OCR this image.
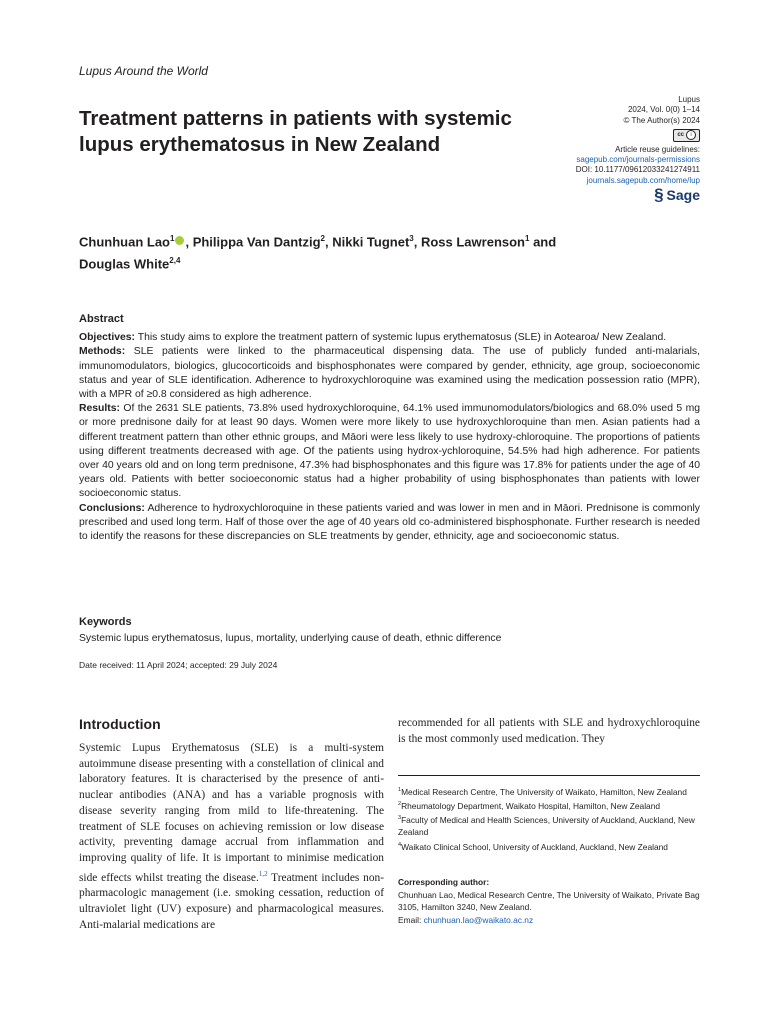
Lupus Around the World
Treatment patterns in patients with systemic lupus erythematosus in New Zealand
Lupus
2024, Vol. 0(0) 1–14
© The Author(s) 2024
cc	i
Article reuse guidelines:
sagepub.com/journals-permissions
DOI: 10.1177/09612033241274911
journals.sagepub.com/home/lup
§ Sage
Chunhuan Lao$^1$ , Philippa Van Dantzig$^2$, Nikki Tugnet$^3$, Ross Lawrenson$^1$ and
Douglas White$^{2,4}$
Abstract

Objectives: This study aims to explore the treatment pattern of systemic lupus erythematosus (SLE) in Aotearoa/ New Zealand.

Methods: SLE patients were linked to the pharmaceutical dispensing data. The use of publicly funded anti-malarials, immunomodulators, biologics, glucocorticoids and bisphosphonates were compared by gender, ethnicity, age group, socioeconomic status and year of SLE identification. Adherence to hydroxychloroquine was examined using the medication possession ratio (MPR), with a MPR of ≥0.8 considered as high adherence.

Results: Of the 2631 SLE patients, 73.8% used hydroxychloroquine, 64.1% used immunomodulators/biologics and 68.0% used 5 mg or more prednisone daily for at least 90 days. Women were more likely to use hydroxychloroquine than men. Asian patients had a different treatment pattern than other ethnic groups, and Māori were less likely to use hydroxy-chloroquine. The proportions of patients using different treatments decreased with age. Of the patients using hydrox-ychloroquine, 54.5% had high adherence. For patients over 40 years old and on long term prednisone, 47.3% had bisphosphonates and this figure was 17.8% for patients under the age of 40 years old. Patients with better socioeconomic status had a higher probability of using bisphosphonates than patients with lower socioeconomic status.

Conclusions: Adherence to hydroxychloroquine in these patients varied and was lower in men and in Māori. Prednisone is commonly prescribed and used long term. Half of those over the age of 40 years old co-administered bisphosphonate. Further research is needed to identify the reasons for these discrepancies on SLE treatments by gender, ethnicity, age and socioeconomic status.

Keywords
Systemic lupus erythematosus, lupus, mortality, underlying cause of death, ethnic difference
Date received: 11 April 2024; accepted: 29 July 2024
Introduction
Systemic Lupus Erythematosus (SLE) is a multi-system autoimmune disease presenting with a constellation of clinical and laboratory features. It is characterised by the presence of anti-nuclear antibodies (ANA) and has a variable prognosis with disease severity ranging from mild to life-threatening. The treatment of SLE focuses on achieving remission or low disease activity, preventing damage accrual from inflammation and improving quality of life. It is important to minimise medication side effects whilst treating the disease.$^{1,2}$ Treatment includes non-pharmacologic management (i.e. smoking cessation, reduction of ultraviolet light (UV) exposure) and pharmacological measures. Anti-malarial medications are
recommended for all patients with SLE and hydroxychloroquine is the most commonly used medication. They
$^1$Medical Research Centre, The University of Waikato, Hamilton, New Zealand
$^2$Rheumatology Department, Waikato Hospital, Hamilton, New Zealand
$^3$Faculty of Medical and Health Sciences, University of Auckland, Auckland, New Zealand
$^4$Waikato Clinical School, University of Auckland, Auckland, New Zealand
Corresponding author:
Chunhuan Lao, Medical Research Centre, The University of Waikato, Private Bag 3105, Hamilton 3240, New Zealand.
Email: chunhuan.lao@waikato.ac.nz
